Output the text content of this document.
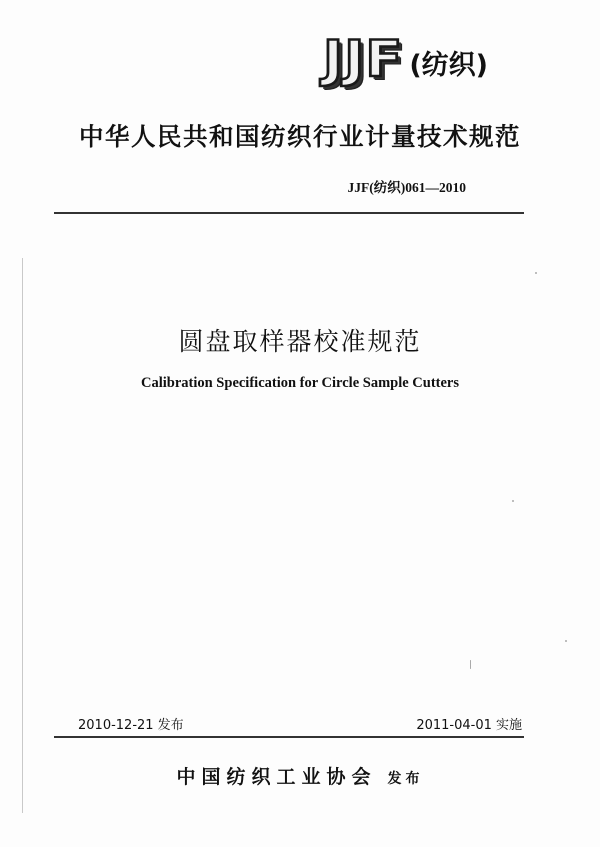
JJF (纺织)
中华人民共和国纺织行业计量技术规范
JJF(纺织)061—2010
圆盘取样器校准规范
Calibration Specification for Circle Sample Cutters
2010-12-21 发布	2011-04-01 实施
中国纺织工业协会 发布
